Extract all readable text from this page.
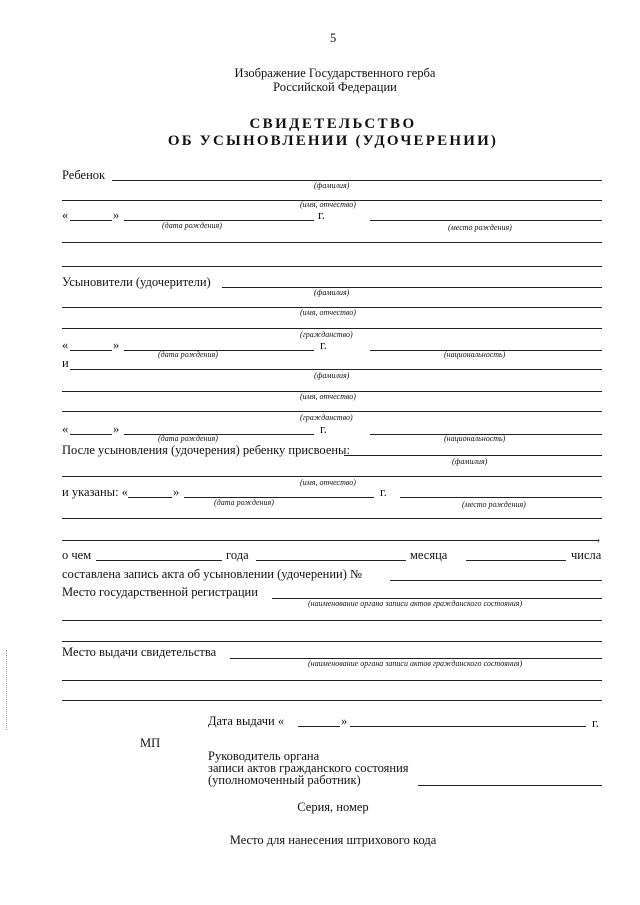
5
Изображение Государственного герба
Российской Федерации
СВИДЕТЕЛЬСТВО
ОБ УСЫНОВЛЕНИИ (УДОЧЕРЕНИИ)
Ребенок
(фамилия)
(имя, отчество)
«	»	г.
(дата рождения)	(место рождения)
Усыновители (удочерители)
(фамилия)
(имя, отчество)
(гражданство)
«	»	г.
(дата рождения)	(национальность)
и
(фамилия)
(имя, отчество)
(гражданство)
«	»	г.
(дата рождения)	(национальность)
После усыновления (удочерения) ребенку присвоены:
(фамилия)
(имя, отчество)
и указаны: «	»	г.
(дата рождения)	(место рождения)
,
о чем	года	месяца	числа
составлена запись акта об усыновлении (удочерении) №
Место государственной регистрации
(наименование органа записи актов гражданского состояния)
Место выдачи свидетельства
(наименование органа записи актов гражданского состояния)
Дата выдачи «	»	г.
МП
Руководитель органа
записи актов гражданского состояния
(уполномоченный работник)
Серия, номер
Место для нанесения штрихового кода
